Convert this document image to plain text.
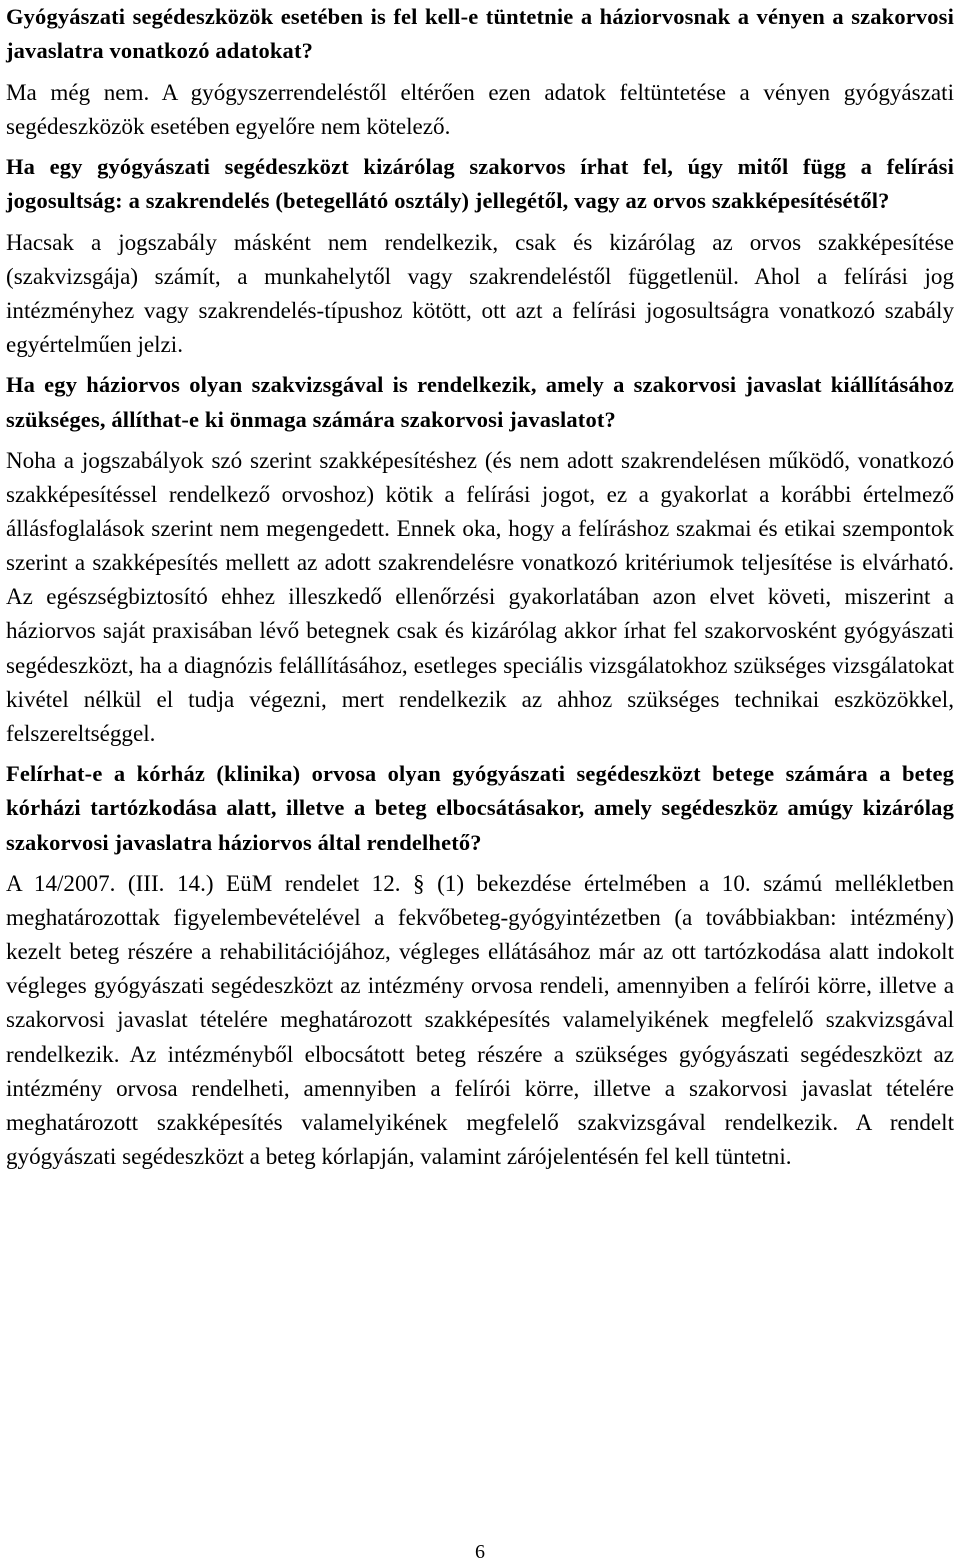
Gyógyászati segédeszközök esetében is fel kell-e tüntetnie a háziorvosnak a vényen a szakorvosi javaslatra vonatkozó adatokat?

Ma még nem. A gyógyszerrendeléstől eltérően ezen adatok feltüntetése a vényen gyógyászati segédeszközök esetében egyelőre nem kötelező.

Ha egy gyógyászati segédeszközt kizárólag szakorvos írhat fel, úgy mitől függ a felírási jogosultság: a szakrendelés (betegellátó osztály) jellegétől, vagy az orvos szakképesítésétől?

Hacsak a jogszabály másként nem rendelkezik, csak és kizárólag az orvos szakképesítése (szakvizsgája) számít, a munkahelytől vagy szakrendeléstől függetlenül. Ahol a felírási jog intézményhez vagy szakrendelés-típushoz kötött, ott azt a felírási jogosultságra vonatkozó szabály egyértelműen jelzi.

Ha egy háziorvos olyan szakvizsgával is rendelkezik, amely a szakorvosi javaslat kiállításához szükséges, állíthat-e ki önmaga számára szakorvosi javaslatot?

Noha a jogszabályok szó szerint szakképesítéshez (és nem adott szakrendelésen működő, vonatkozó szakképesítéssel rendelkező orvoshoz) kötik a felírási jogot, ez a gyakorlat a korábbi értelmező állásfoglalások szerint nem megengedett. Ennek oka, hogy a felíráshoz szakmai és etikai szempontok szerint a szakképesítés mellett az adott szakrendelésre vonatkozó kritériumok teljesítése is elvárható. Az egészségbiztosító ehhez illeszkedő ellenőrzési gyakorlatában azon elvet követi, miszerint a háziorvos saját praxisában lévő betegnek csak és kizárólag akkor írhat fel szakorvosként gyógyászati segédeszközt, ha a diagnózis felállításához, esetleges speciális vizsgálatokhoz szükséges vizsgálatokat kivétel nélkül el tudja végezni, mert rendelkezik az ahhoz szükséges technikai eszközökkel, felszereltséggel.

Felírhat-e a kórház (klinika) orvosa olyan gyógyászati segédeszközt betege számára a beteg kórházi tartózkodása alatt, illetve a beteg elbocsátásakor, amely segédeszköz amúgy kizárólag szakorvosi javaslatra háziorvos által rendelhető?

A 14/2007. (III. 14.) EüM rendelet 12. § (1) bekezdése értelmében a 10. számú mellékletben meghatározottak figyelembevételével a fekvőbeteg-gyógyintézetben (a továbbiakban: intézmény) kezelt beteg részére a rehabilitációjához, végleges ellátásához már az ott tartózkodása alatt indokolt végleges gyógyászati segédeszközt az intézmény orvosa rendeli, amennyiben a felírói körre, illetve a szakorvosi javaslat tételére meghatározott szakképesítés valamelyikének megfelelő szakvizsgával rendelkezik. Az intézményből elbocsátott beteg részére a szükséges gyógyászati segédeszközt az intézmény orvosa rendelheti, amennyiben a felírói körre, illetve a szakorvosi javaslat tételére meghatározott szakképesítés valamelyikének megfelelő szakvizsgával rendelkezik. A rendelt gyógyászati segédeszközt a beteg kórlapján, valamint zárójelentésén fel kell tüntetni.

6
